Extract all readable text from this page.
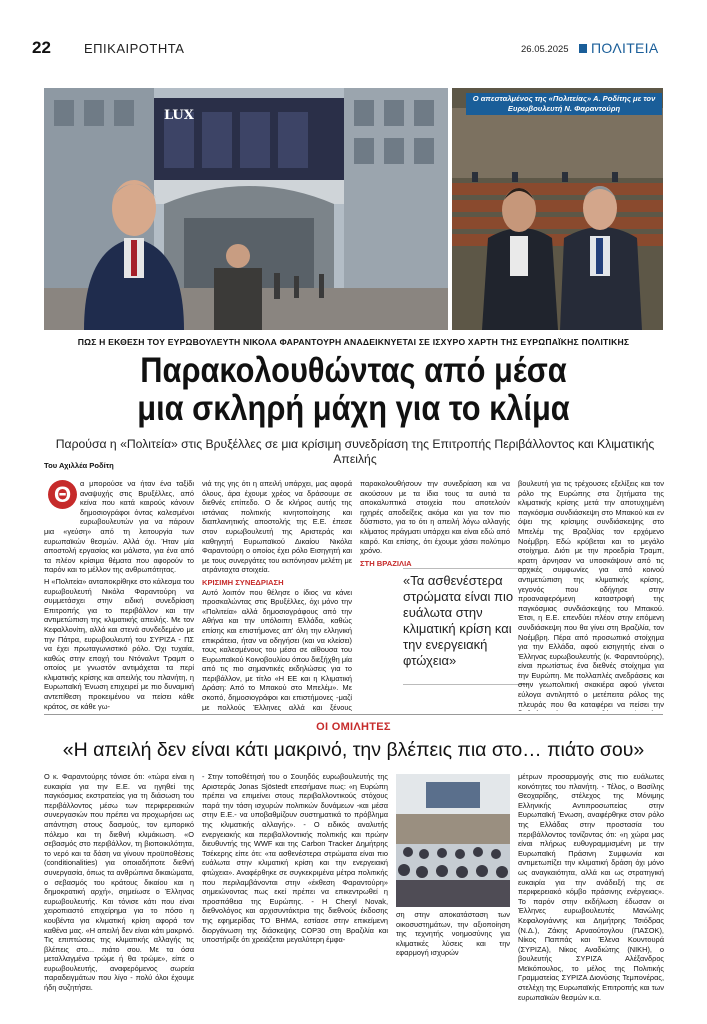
22	ΕΠΙΚΑΙΡΟΤΗΤΑ	26.05.2025 ΠΟΛΙΤΕΙΑ
LUX
Ο απεσταλμένος της «Πολιτείας» Α. Ροδίτης με τον Ευρωβουλευτή Ν. Φαραντούρη
ΠΩΣ Η ΕΚΘΕΣΗ ΤΟΥ ΕΥΡΩΒΟΥΛΕΥΤΗ ΝΙΚΟΛΑ ΦΑΡΑΝΤΟΥΡΗ ΑΝΑΔΕΙΚΝΥΕΤΑΙ ΣΕ ΙΣΧΥΡΟ ΧΑΡΤΗ ΤΗΣ ΕΥΡΩΠΑΪΚΗΣ ΠΟΛΙΤΙΚΗΣ
Παρακολουθώντας από μέσα
μια σκληρή μάχη για το κλίμα
Παρούσα η «Πολιτεία» στις Βρυξέλλες σε μια κρίσιμη συνεδρίαση της Επιτροπής Περιβάλλοντος και Κλιματικής Απειλής
Του Αχιλλέα Ροδίτη
Θ	α μπορούσε να ήταν ένα ταξίδι αναψυχής στις Βρυξέλλες, από κείνα που κατά καιρούς κάνουν δημοσιογράφοι όντας καλεσμένοι ευρωβουλευτών για να πάρουν μια «γεύση» από τη λειτουργία των ευρωπαϊκών θεσμών. Αλλά όχι. Ήταν μία αποστολή εργασίας και μάλιστα, για ένα από τα πλέον κρίσιμα θέματα που αφορούν το παρόν και το μέλλον της ανθρωπότητας.
Η «Πολιτεία» ανταποκρίθηκε στο κάλεσμα του ευρωβουλευτή Νικόλα Φαραντούρη να συμμετάσχει στην ειδική συνεδρίαση Επιτροπής για το περιβάλλον και την αντιμετώπιση της κλιματικής απειλής. Με τον Κεφαλλονίτη, αλλά και στενά συνδεδεμένο με την Πάτρα, ευρωβουλευτή του ΣΥΡΙΖΑ - ΠΣ να έχει πρωταγωνιστικό ρόλο. Όχι τυχαία, καθώς στην εποχή του Ντόναλντ Τραμπ ο οποίος με γνωστόν αντιμάχεται τα περί κλιματικής κρίσης και απειλής του πλανήτη, η Ευρωπαϊκή Ένωση επιχειρεί με πιο δυναμική αντεπίθεση προκειμένου να πείσει κάθε κράτος, σε κάθε γω-
νιά της γης ότι η απειλή υπάρχει, μας αφορά όλους, άρα έχουμε χρέος να δράσουμε σε διεθνές επίπεδο. Ο δε κλήρος αυτής της ιστάνιας πολιτικής κινητοποίησης και διαπλανητικής αποστολής της Ε.Ε. έπεσε στον ευρωβουλευτή της Αριστεράς και καθηγητή Ευρωπαϊκού Δικαίου Νικόλα Φαραντούρη ο οποίος έχει ρόλο Εισηγητή και με τους συνεργάτες του εκπόνησαν μελέτη με ατράνταχτα στοιχεία.
ΚΡΙΣΙΜΗ ΣΥΝΕΔΡΙΑΣΗ
Αυτό λοιπόν που θέλησε ο ίδιος να κάνει προσκαλώντας στις Βρυξέλλες, όχι μόνο την «Πολιτεία» αλλά δημοσιογράφους από την Αθήνα και την υπόλοιπη Ελλάδα, καθώς επίσης και επιστήμονες απ' όλη την ελληνική επικράτεια, ήταν να οδηγήσει (και να κλείσει) τους καλεσμένους του μέσα σε αίθουσα του Ευρωπαϊκού Κοινοβουλίου όπου διεξήχθη μία από τις πιο σημαντικές εκδηλώσεις για το περιβάλλον, με τίτλο «Η ΕΕ και η Κλιματική Δράση: Από το Μπακού στο Μπελέμ». Με σκοπό, δημοσιογράφοι και επιστήμονες -μαζί με πολλούς Έλληνες αλλά και ξένους
παρακολουθήσουν την συνεδρίαση και να ακούσουν με τα ίδια τους τα αυτιά τα αποκαλυπτικά στοιχεία που αποτελούν ηχηρές αποδείξεις ακόμα και για τον πιο δύσπιστο, για το ότι η απειλή λόγω αλλαγής κλίματος πράγματι υπάρχει και είναι εδώ από καιρό. Και επίσης, ότι έχουμε χάσει πολύτιμο χρόνο.
ΣΤΗ ΒΡΑΖΙΛΙΑ
«Τα ασθενέστερα στρώματα είναι πιο ευάλωτα στην κλιματική κρίση και την ενεργειακή φτώχεια»
βουλευτή για τις τρέχουσες εξελίξεις και τον ρόλο της Ευρώπης στα ζητήματα της κλιματικής κρίσης μετά την αποτυχημένη παγκόσμια συνδιάσκεψη στο Μπακού και εν όψει της κρίσιμης συνδιάσκεψης στο Μπελέμ της Βραζιλίας τον ερχόμενο Νοέμβρη. Εδώ κρύβεται και το μεγάλο στοίχημα. Διότι με την προεδρία Τραμπ, κρατη άρνησαν να υποσκάψουν από τις αρχικές συμφωνίες για από κοινού αντιμετώπιση της κλιματικής κρίσης, γεγονός που οδήγησε στην προαναφερόμενη καταστροφή της παγκόσμιας συνδιάσκεψης του Μπακού. Έτσι, η Ε.Ε. επενδύει πλέον στην επόμενη συνδιάσκεψη που θα γίνει στη Βραζιλία, τον Νοέμβρη. Πέρα από προσωπικό στοίχημα για την Ελλάδα, αφού εισηγητής είναι ο Έλληνας ευρωβουλευτής (κ. Φαραντούρης), είναι πρωτίστως ένα διεθνές στοίχημα για την Ευρώπη. Με πολλαπλές ανεδράσεις και στην γεωπολιτική σκακιέρα αφού γίνεται εύλογα αντιληπτό ο μετέπειτα ρόλος της πλευράς που θα καταφέρει να πείσει την
ΟΙ ΟΜΙΛΗΤΕΣ
«Η απειλή δεν είναι κάτι μακρινό, την βλέπεις πια στο… πιάτο σου»
Ο κ. Φαραντούρης τόνισε ότι: «τώρα είναι η ευκαιρία για την Ε.Ε. να ηγηθεί της παγκόσμιας εκστρατείας για τη διάσωση του περιβάλλοντος μέσω των περιφερειακών συνεργασιών που πρέπει να προχωρήσει ως απάντηση στους δασμούς, τον εμπορικό πόλεμο και τη διεθνή κλιμάκωση. «Ο σεβασμός στο περιβάλλον, τη βιοποικιλότητα, το νερό και τα δάση να γίνουν προϋποθέσεις (conditionalities) για οποιαδήποτε διεθνή συνεργασία, όπως τα ανθρώπινα δικαιώματα, ο σεβασμός του κράτους δικαίου και η δημοκρατική αρχή», σημείωσε ο Έλληνας ευρωβουλευτής. Και τόνισε κάτι που είναι χειροπιαστό επιχείρημα για το πόσο η κουβέντα για κλιματική κρίση αφορά τον καθένα μας. «Η απειλή δεν είναι κάτι μακρινό. Τις επιπτώσεις της κλιματικής αλλαγής τις βλέπεις στο... πιάτο σου. Με τα όσα μεταλλαγμένα τρώμε ή θα τρώμε», είπε ο ευρωβουλευτής, αναφερόμενος σωρεία παραδειγμάτων που λίγο - πολύ όλοι έχουμε ήδη συζητήσει.
- Στην τοποθέτησή του ο Σουηδός ευρωβουλευτής της Αριστεράς Jonas Sjöstedt επεσήμανε πως: «η Ευρώπη πρέπει να επιμείνει στους περιβαλλοντικούς στόχους παρά την τάση ισχυρών πολιτικών δυνάμεων -και μέσα στην Ε.Ε.- να υποβαθμίζουν συστηματικά το πρόβλημα της κλιματικής αλλαγής». - Ο ειδικός αναλυτής ενεργειακής και περιβαλλοντικής πολιτικής και πρώην διευθυντής της WWF και της Carbon Tracker Δημήτρης Τσέκερης είπε ότι: «τα ασθενέστερα στρώματα είναι πιο ευάλωτα στην κλιματική κρίση και την ενεργειακή φτώχεια». Αναφέρθηκε σε συγκεκριμένα μέτρα πολιτικής που περιλαμβάνονται στην «έκθεση Φαραντούρη» σημειώνοντας πως εκεί πρέπει να επικεντρωθεί η προσπάθεια της Ευρώπης. - Η Cheryl Novak, διεθνολόγος και αρχισυντάκτρια της διεθνούς έκδοσης της εφημερίδας ΤΟ ΒΗΜΑ, εστίασε στην επικείμενη διοργάνωση της διάσκεψης COP30 στη Βραζιλία και υποστήριξε ότι χρειάζεται μεγαλύτερη έμφα-
ση στην αποκατάσταση των οικοσυστημάτων, την αξιοποίηση της τεχνητής νοημοσύνης για κλιματικές λύσεις και την εφαρμογή ισχυρών
μέτρων προσαρμογής στις πιο ευάλωτες κοινότητες του πλανήτη. - Τέλος, ο Βασίλης Θεοχαρίδης, στέλεχος της Μόνιμης Ελληνικής Αντιπροσωπείας στην Ευρωπαϊκή Ένωση, αναφέρθηκε στον ρόλο της Ελλάδας στην προστασία του περιβάλλοντος τονίζοντας ότι: «η χώρα μας είναι πλήρως ευθυγραμμισμένη με την Ευρωπαϊκή Πράσινη Συμφωνία και αντιμετωπίζει την κλιματική δράση όχι μόνο ως αναγκαιότητα, αλλά και ως στρατηγική ευκαιρία για την ανάδειξή της σε περιφερειακό κόμβο πράσινης ενέργειας». Το παρόν στην εκδήλωση έδωσαν οι Έλληνες ευρωβουλευτές Μανώλης Κεφαλογιάννης και Δημήτρης Τσιόδρας (Ν.Δ.), Ζάκης Αρναούτογλου (ΠΑΣΟΚ), Νίκος Παππάς και Έλενα Κουντουρά (ΣΥΡΙΖΑ), Νίκος Αναδιώτης (ΝΙΚΗ), ο βουλευτής ΣΥΡΙΖΑ Αλέξανδρος Μεϊκόπουλος, το μέλος της Πολιτικής Γραμματείας ΣΥΡΙΖΑ Διονύσης Τεμπονέρας, στελέχη της Ευρωπαϊκής Επιτροπής και των ευρωπαϊκών θεσμών κ.α.
